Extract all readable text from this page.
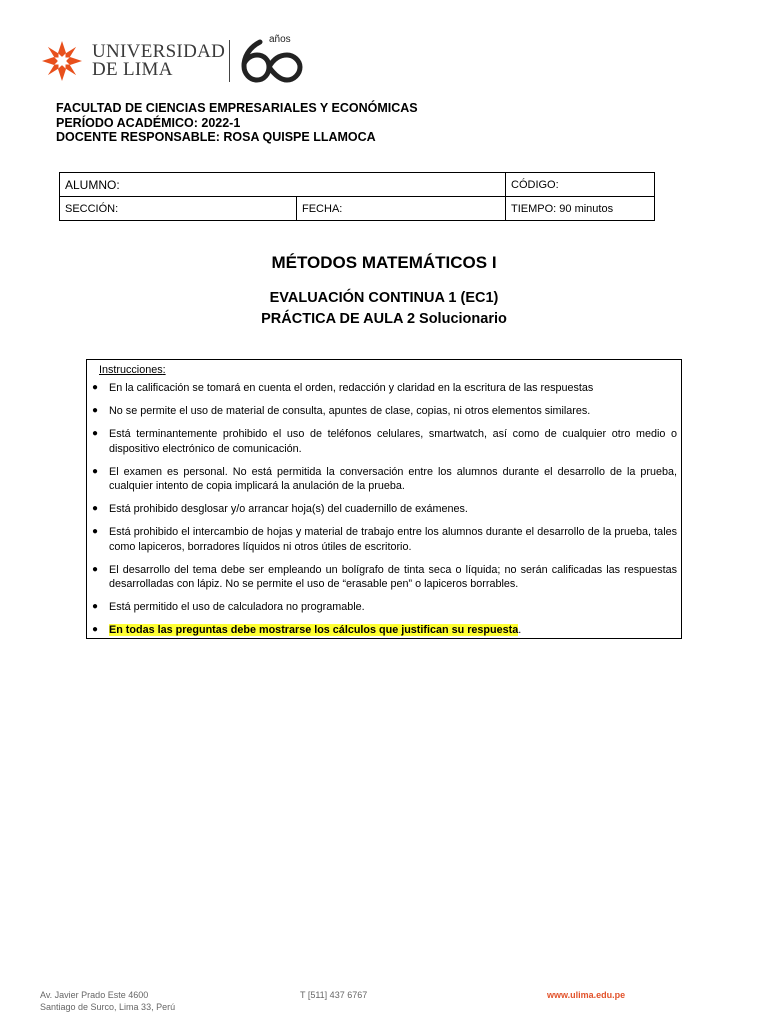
UNIVERSIDAD
DE LIMA
años
FACULTAD DE CIENCIAS EMPRESARIALES Y ECONÓMICAS
PERÍODO ACADÉMICO: 2022-1
DOCENTE RESPONSABLE: ROSA QUISPE LLAMOCA
ALUMNO:		CÓDIGO:
SECCIÓN:	FECHA:	TIEMPO: 90 minutos
MÉTODOS MATEMÁTICOS I
EVALUACIÓN CONTINUA 1 (EC1)
PRÁCTICA DE AULA 2 Solucionario
Instrucciones:
● En la calificación se tomará en cuenta el orden, redacción y claridad en la escritura de las respuestas
● No se permite el uso de material de consulta, apuntes de clase, copias, ni otros elementos similares.
● Está terminantemente prohibido el uso de teléfonos celulares, smartwatch, así como de cualquier otro medio o dispositivo electrónico de comunicación.
● El examen es personal. No está permitida la conversación entre los alumnos durante el desarrollo de la prueba, cualquier intento de copia implicará la anulación de la prueba.
● Está prohibido desglosar y/o arrancar hoja(s) del cuadernillo de exámenes.
● Está prohibido el intercambio de hojas y material de trabajo entre los alumnos durante el desarrollo de la prueba, tales como lapiceros, borradores líquidos ni otros útiles de escritorio.
● El desarrollo del tema debe ser empleando un bolígrafo de tinta seca o líquida; no serán calificadas las respuestas desarrolladas con lápiz. No se permite el uso de “erasable pen” o lapiceros borrables.
● Está permitido el uso de calculadora no programable.
● En todas las preguntas debe mostrarse los cálculos que justifican su respuesta.
Av. Javier Prado Este 4600
Santiago de Surco, Lima 33, Perú
T [511] 437 6767	www.ulima.edu.pe
